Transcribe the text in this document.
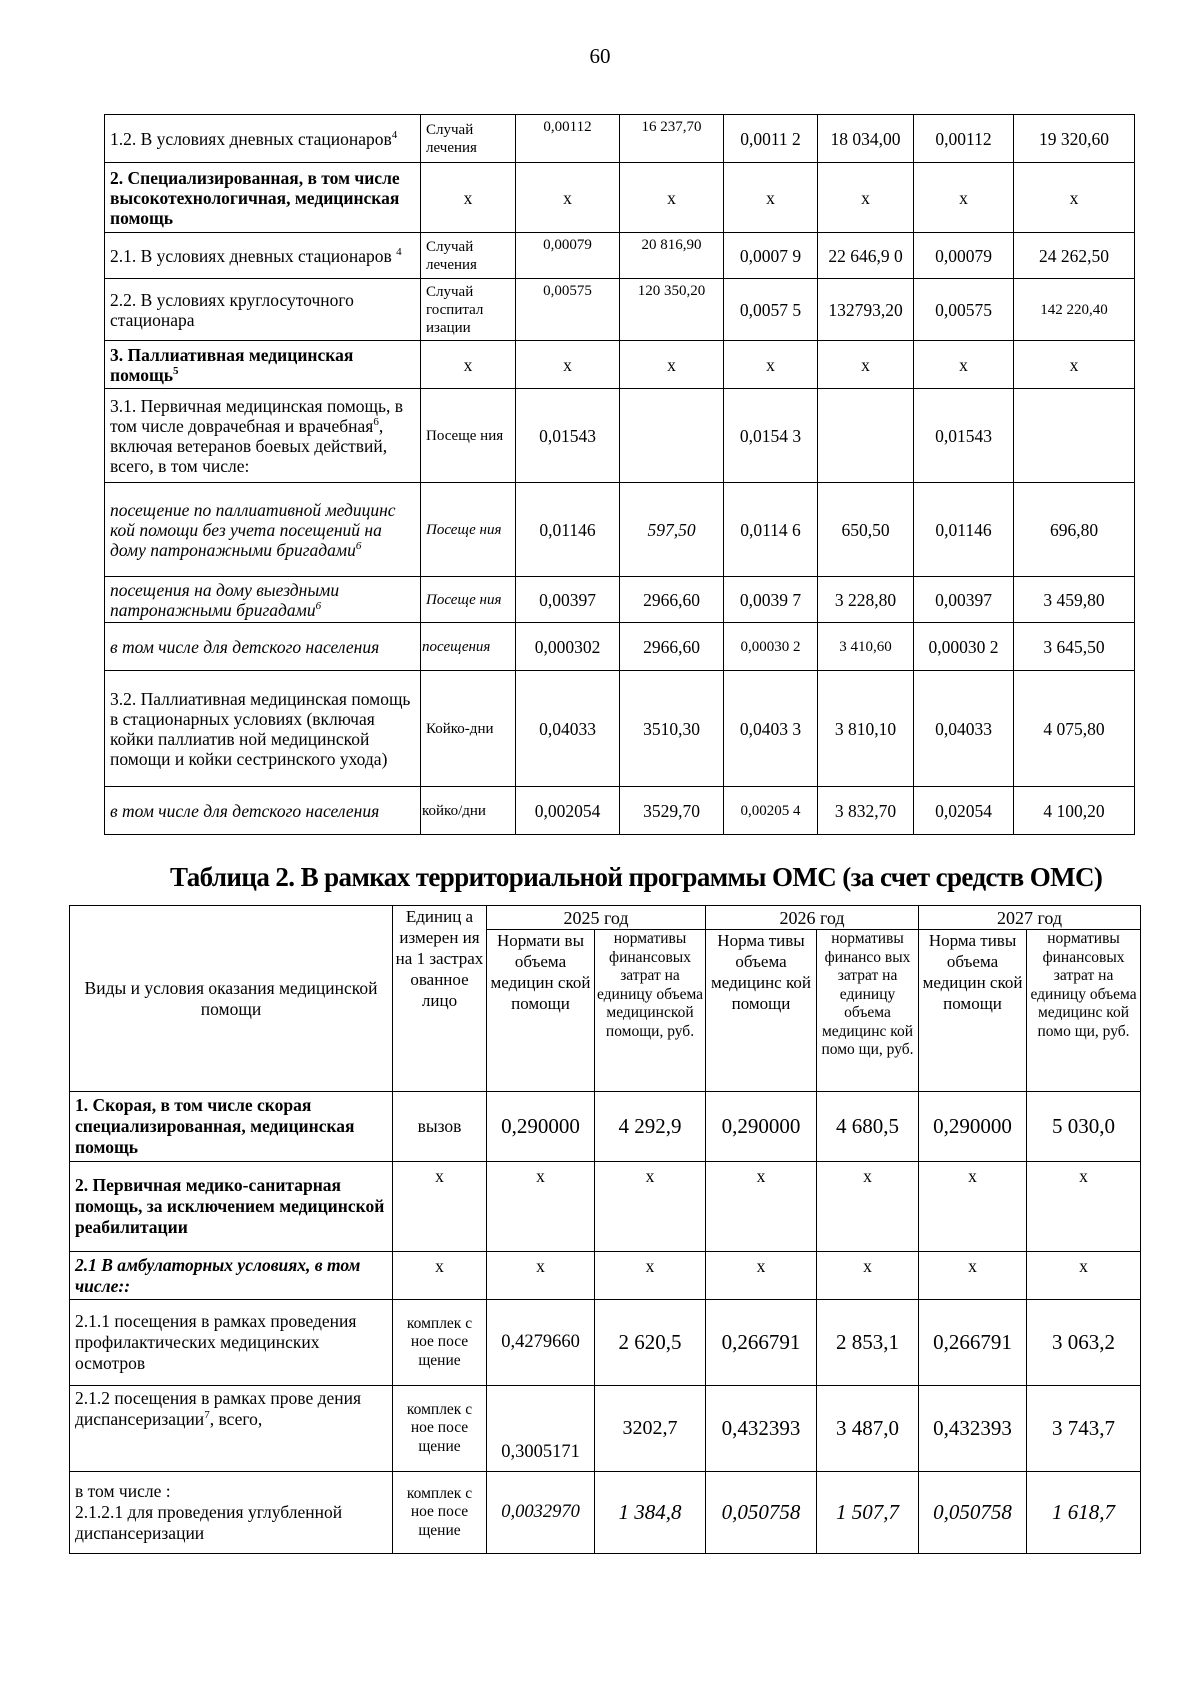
60
1.2. В условиях дневных стационаров$^4$	Случай лечения	0,00112	16 237,70	0,0011 2	18 034,00	0,00112	19 320,60
2. Специализированная, в том числе высокотехнологичная, медицинская помощь	х	х	х	х	х	х	х
2.1. В условиях дневных стационаров $^4$	Случай лечения	0,00079	20 816,90	0,0007 9	22 646,9 0	0,00079	24 262,50
2.2. В условиях круглосуточного стационара	Случай госпитал изации	0,00575	120 350,20	0,0057 5	132793,20	0,00575	142 220,40
3. Паллиативная медицинская помощь$^5$	х	х	х	х	х	х	х
3.1. Первичная медицинская помощь, в том числе доврачебная и врачебная$^6$, включая ветеранов боевых действий, всего, в том числе:	Посеще ния	0,01543		0,0154 3		0,01543	
посещение по паллиативной медицинс кой помощи без учета посещений на дому патронажными бригадами$^6$	Посеще ния	0,01146	597,50	0,0114 6	650,50	0,01146	696,80
посещения на дому выездными патронажными бригадами$^6$	Посеще ния	0,00397	2966,60	0,0039 7	3 228,80	0,00397	3 459,80
в том числе для детского населения	посещения	0,000302	2966,60	0,00030 2	3 410,60	0,00030 2	3 645,50
3.2. Паллиативная медицинская помощь в стационарных условиях (включая койки паллиатив ной медицинской помощи и койки сестринского ухода)	Койко-дни	0,04033	3510,30	0,0403 3	3 810,10	0,04033	4 075,80
в том числе для детского населения	койко/дни	0,002054	3529,70	0,00205 4	3 832,70	0,02054	4 100,20
Таблица 2. В рамках территориальной программы ОМС (за счет средств ОМС)
Виды и условия оказания медицинской помощи	Единиц а измерен ия на 1 застрах ованное лицо	2025 год		2026 год		2027 год	
		Нормати вы объема медицин ской помощи	нормативы финансовых затрат на единицу объема медицинской помощи, руб.	Норма тивы объема медицинс кой помощи	нормативы финансо вых затрат на единицу объема медицинс кой помо щи, руб.	Норма тивы объема медицин ской помощи	нормативы финансовых затрат на единицу объема медицинс кой помо щи, руб.
1. Скорая, в том числе скорая специализированная, медицинская помощь	вызов	0,290000	4 292,9	0,290000	4 680,5	0,290000	5 030,0
2. Первичная медико-санитарная помощь, за исключением медицинской реабилитации	х	х	х	х	х	х	х
2.1 В амбулаторных условиях, в том числе::	х	х	х	х	х	х	х
2.1.1 посещения в рамках проведения профилактических медицинских осмотров	комплек с ное посе щение	0,4279660	2 620,5	0,266791	2 853,1	0,266791	3 063,2
2.1.2 посещения в рамках прове дения диспансеризации$^7$, всего,	комплек с ное посе щение	0,3005171	3202,7	0,432393	3 487,0	0,432393	3 743,7
в том числе :
2.1.2.1 для проведения углубленной диспансеризации	комплек с ное посе щение	0,0032970	1 384,8	0,050758	1 507,7	0,050758	1 618,7
